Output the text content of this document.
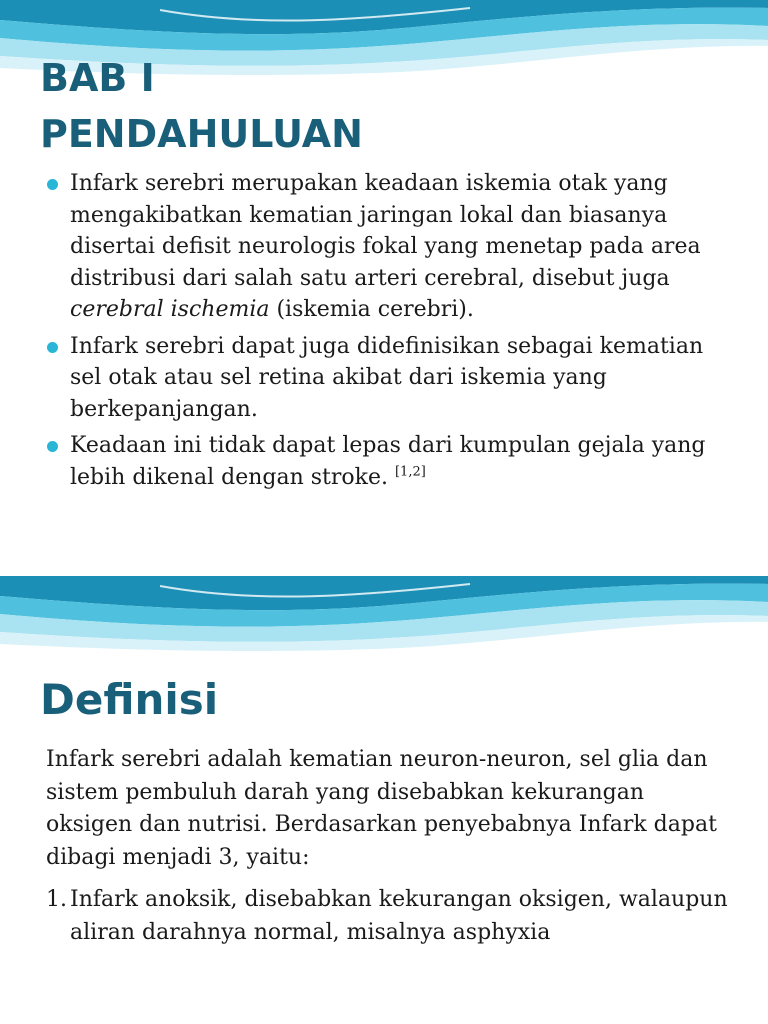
BAB I
PENDAHULUAN
Infark serebri merupakan keadaan iskemia otak yang mengakibatkan kematian jaringan lokal dan biasanya disertai defisit neurologis fokal yang menetap pada area distribusi dari salah satu arteri cerebral, disebut juga cerebral ischemia (iskemia cerebri).
Infark serebri dapat juga didefinisikan sebagai kematian sel otak atau sel retina akibat dari iskemia yang berkepanjangan.
Keadaan ini tidak dapat lepas dari kumpulan gejala yang lebih dikenal dengan stroke. [1,2]
Definisi

Infark serebri adalah kematian neuron-neuron, sel glia dan sistem pembuluh darah yang disebabkan kekurangan oksigen dan nutrisi. Berdasarkan penyebabnya Infark dapat dibagi menjadi 3, yaitu:

1. Infark anoksik, disebabkan kekurangan oksigen, walaupun aliran darahnya normal, misalnya asphyxia
